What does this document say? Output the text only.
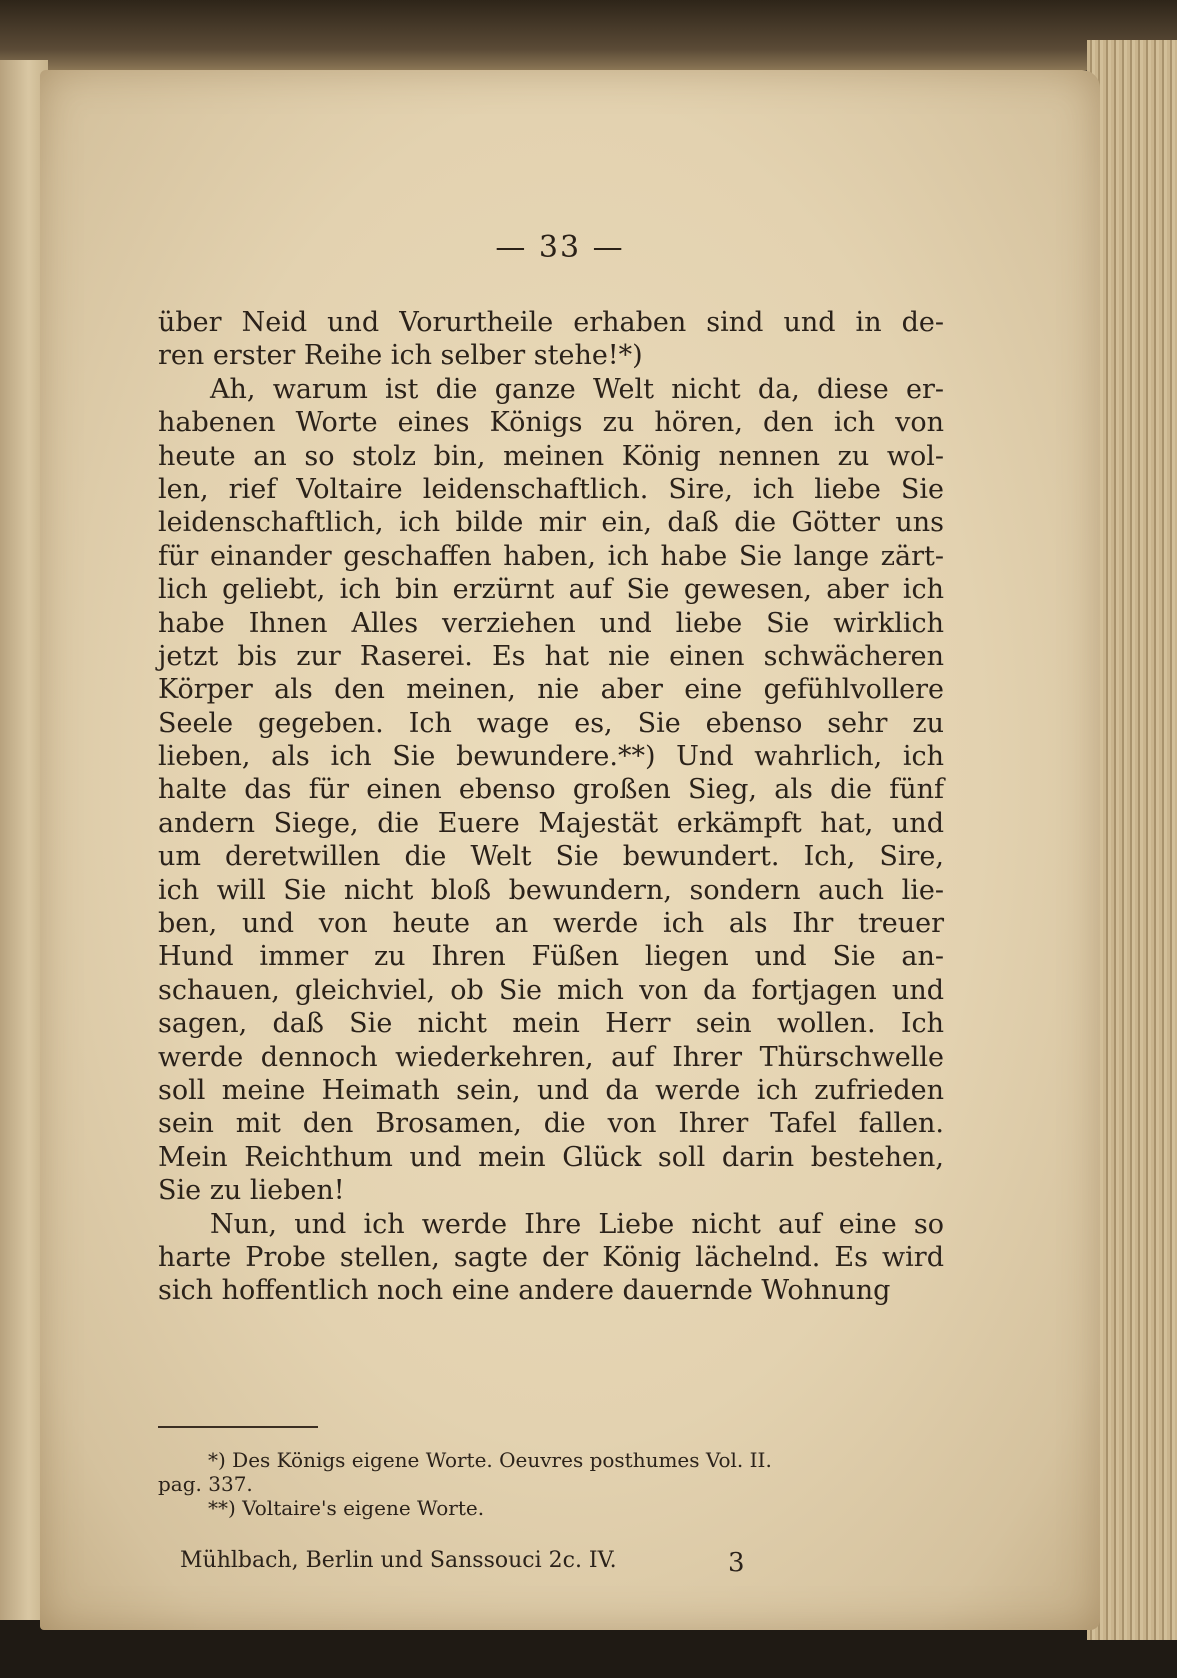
— 33 —
über Neid und Vorurtheile erhaben sind und in de-
ren erster Reihe ich selber stehe!*)
Ah, warum ist die ganze Welt nicht da, diese er-
habenen Worte eines Königs zu hören, den ich von
heute an so stolz bin, meinen König nennen zu wol-
len, rief Voltaire leidenschaftlich. Sire, ich liebe Sie
leidenschaftlich, ich bilde mir ein, daß die Götter uns
für einander geschaffen haben, ich habe Sie lange zärt-
lich geliebt, ich bin erzürnt auf Sie gewesen, aber ich
habe Ihnen Alles verziehen und liebe Sie wirklich
jetzt bis zur Raserei. Es hat nie einen schwächeren
Körper als den meinen, nie aber eine gefühlvollere
Seele gegeben. Ich wage es, Sie ebenso sehr zu
lieben, als ich Sie bewundere.**) Und wahrlich, ich
halte das für einen ebenso großen Sieg, als die fünf
andern Siege, die Euere Majestät erkämpft hat, und
um deretwillen die Welt Sie bewundert. Ich, Sire,
ich will Sie nicht bloß bewundern, sondern auch lie-
ben, und von heute an werde ich als Ihr treuer
Hund immer zu Ihren Füßen liegen und Sie an-
schauen, gleichviel, ob Sie mich von da fortjagen und
sagen, daß Sie nicht mein Herr sein wollen. Ich
werde dennoch wiederkehren, auf Ihrer Thürschwelle
soll meine Heimath sein, und da werde ich zufrieden
sein mit den Brosamen, die von Ihrer Tafel fallen.
Mein Reichthum und mein Glück soll darin bestehen,
Sie zu lieben!
Nun, und ich werde Ihre Liebe nicht auf eine so
harte Probe stellen, sagte der König lächelnd. Es wird
sich hoffentlich noch eine andere dauernde Wohnung
*) Des Königs eigene Worte. Oeuvres posthumes Vol. II.
pag. 337.
**) Voltaire's eigene Worte.
Mühlbach, Berlin und Sanssouci 2c. IV.	3
